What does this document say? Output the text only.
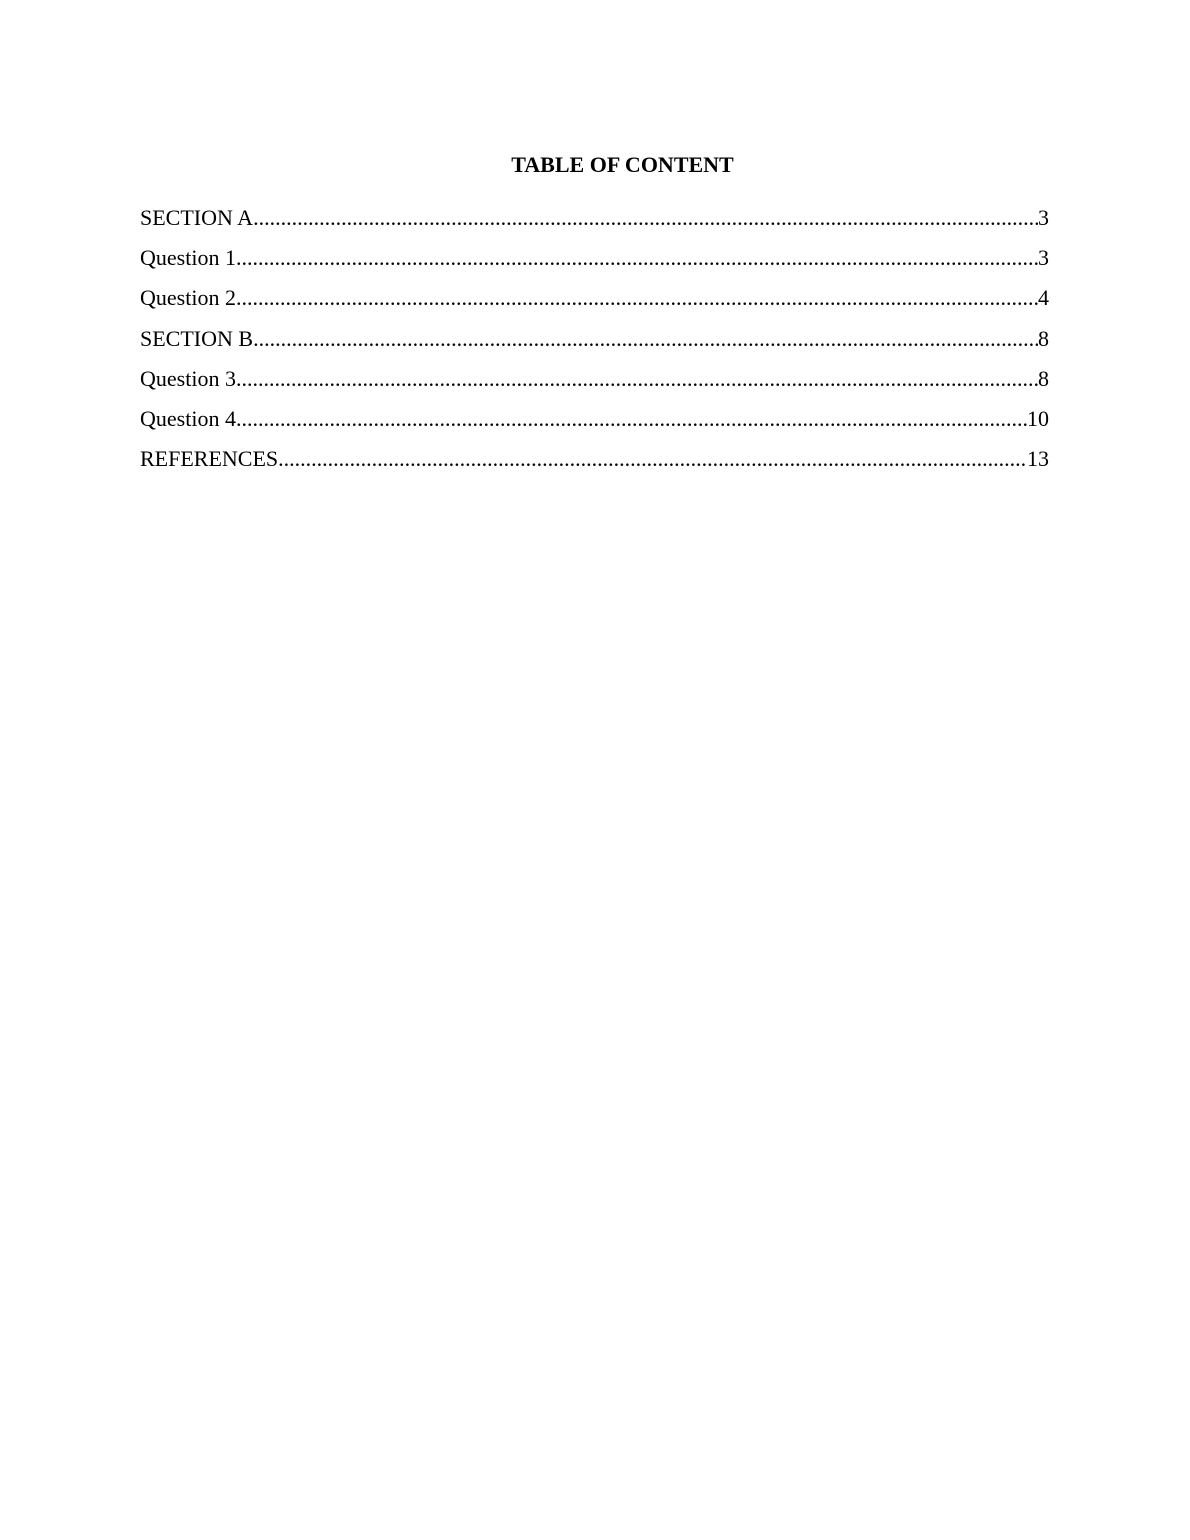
TABLE OF CONTENT
SECTION A .....	3
Question 1 .....	3
Question 2 .....	4
SECTION B .....	8
Question 3 .....	8
Question 4 .....	10
REFERENCES .....	13
